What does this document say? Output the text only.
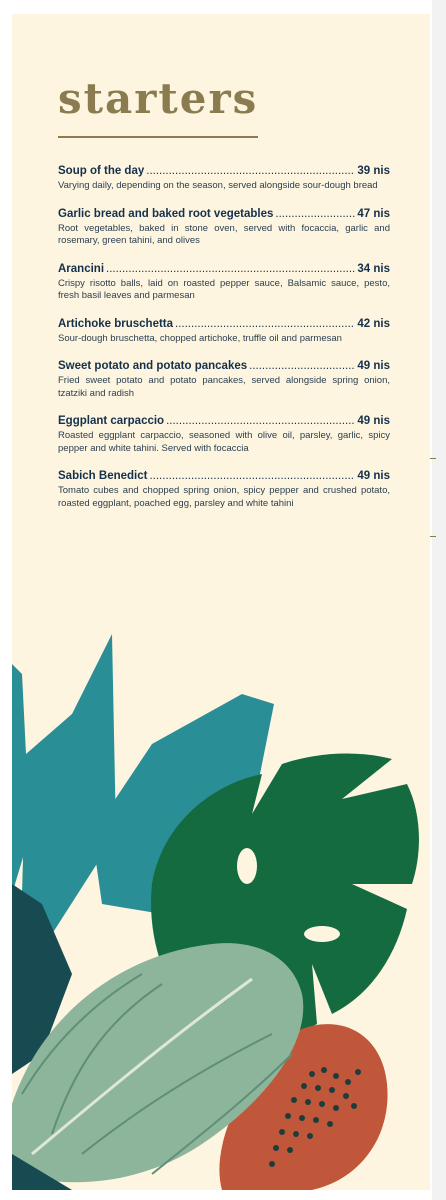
starters
Soup of the day .....	39 nis
Varying daily, depending on the season, served alongside sour-dough bread
Garlic bread and baked root vegetables .....	47 nis
Root vegetables, baked in stone oven, served with focaccia, garlic and rosemary, green tahini, and olives
Arancini .....	34 nis
Crispy risotto balls, laid on roasted pepper sauce, Balsamic sauce, pesto, fresh basil leaves and parmesan
Artichoke bruschetta .....	42 nis
Sour-dough bruschetta, chopped artichoke, truffle oil and parmesan
Sweet potato and potato pancakes .....	49 nis
Fried sweet potato and potato pancakes, served alongside spring onion, tzatziki and radish
Eggplant carpaccio .....	49 nis
Roasted eggplant carpaccio, seasoned with olive oil, parsley, garlic, spicy pepper and white tahini. Served with focaccia
Sabich Benedict .....	49 nis
Tomato cubes and chopped spring onion, spicy pepper and crushed potato, roasted eggplant, poached egg, parsley and white tahini
